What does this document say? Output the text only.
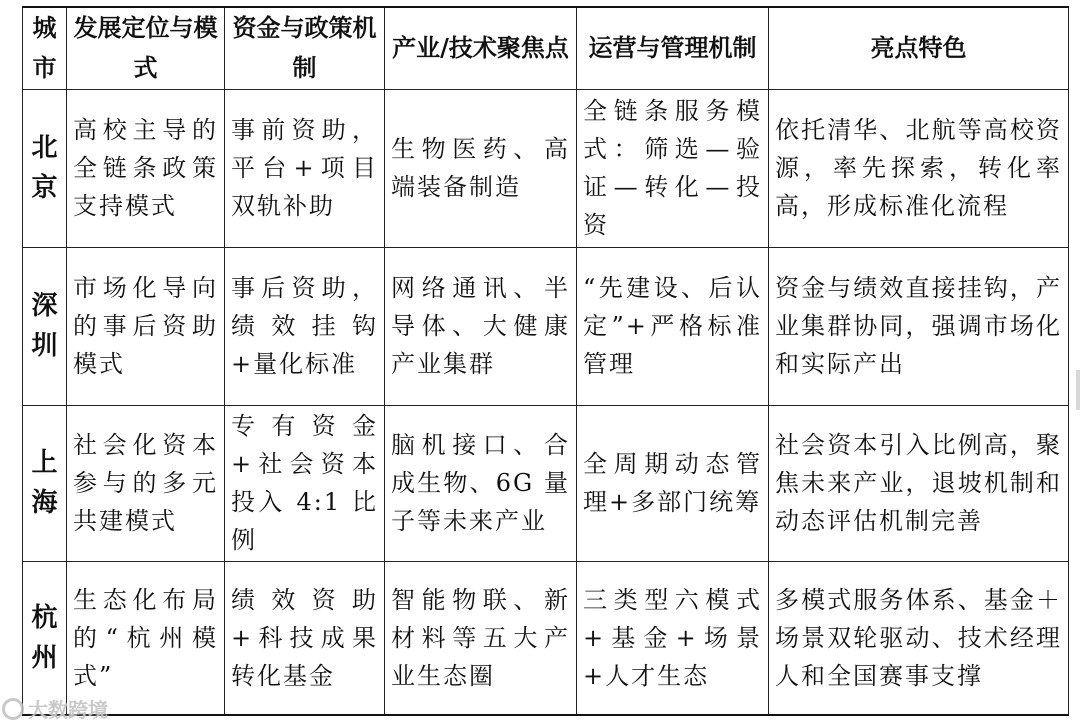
城市	发展定位与模式	资金与政策机制	产业/技术聚焦点	运营与管理机制	亮点特色
北京	高校主导的全链条政策支持模式	事前资助，平台+项目双轨补助	生物医药、高端装备制造	全链条服务模式：筛选—验证—转化—投资	依托清华、北航等高校资源，率先探索，转化率高，形成标准化流程
深圳	市场化导向的事后资助模式	事后资助，绩效挂钩+量化标准	网络通讯、半导体、大健康产业集群	“先建设、后认定”+严格标准管理	资金与绩效直接挂钩，产业集群协同，强调市场化和实际产出
上海	社会化资本参与的多元共建模式	专有资金+社会资本投入 4:1 比例	脑机接口、合成生物、6G 量子等未来产业	全周期动态管理+多部门统筹	社会资本引入比例高，聚焦未来产业，退坡机制和动态评估机制完善
杭州	生态化布局的“杭州模式”	绩效资助+科技成果转化基金	智能物联、新材料等五大产业生态圈	三类型六模式+基金+场景+人才生态	多模式服务体系、基金＋场景双轮驱动、技术经理人和全国赛事支撑
大数跨境
